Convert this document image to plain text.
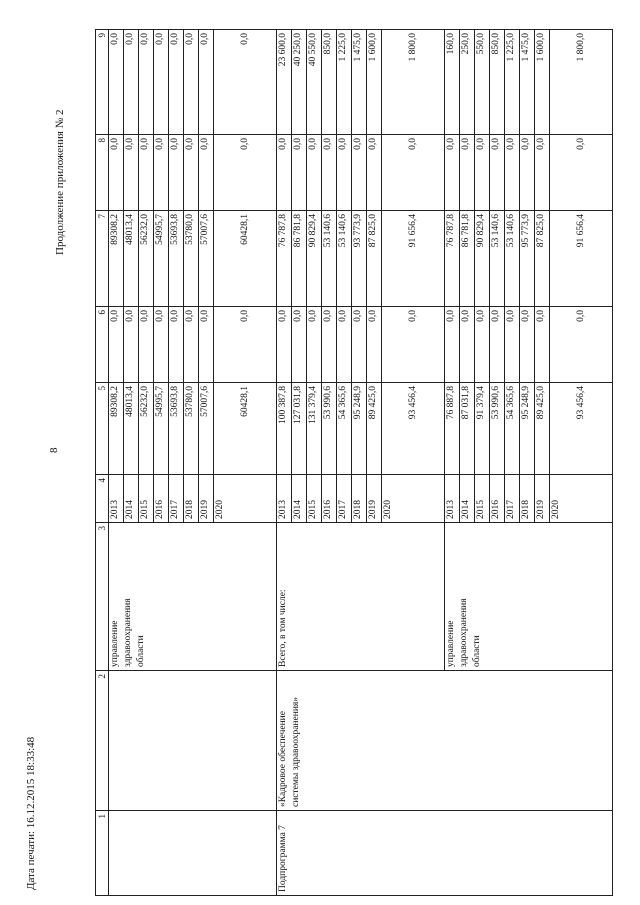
8
Продолжение приложения № 2
Дата печати: 16.12.2015 18:33:48	1	2	3	4	5	6	7	8	9

		управление здравоохранения области	2013	89308,2	0,0	89308,2	0,0	0,0
			2014	48013,4	0,0	48013,4	0,0	0,0
			2015	56232,0	0,0	56232,0	0,0	0,0
			2016	54995,7	0,0	54995,7	0,0	0,0
			2017	53693,8	0,0	53693,8	0,0	0,0
			2018	53780,0	0,0	53780,0	0,0	0,0
			2019	57007,6	0,0	57007,6	0,0	0,0
			2020	60428,1	0,0	60428,1	0,0	0,0
Подпрограмма 7	«Кадровое обеспечение системы здравоохранения»	Всего, в том числе:	2013	100 387,8	0,0	76 787,8	0,0	23 600,0
			2014	127 031,8	0,0	86 781,8	0,0	40 250,0
			2015	131 379,4	0,0	90 829,4	0,0	40 550,0
			2016	53 990,6	0,0	53 140,6	0,0	850,0
			2017	54 365,6	0,0	53 140,6	0,0	1 225,0
			2018	95 248,9	0,0	93 773,9	0,0	1 475,0
			2019	89 425,0	0,0	87 825,0	0,0	1 600,0
			2020	93 456,4	0,0	91 656,4	0,0	1 800,0

		управление здравоохранения области	2013	76 887,8	0,0	76 787,8	0,0	160,0
			2014	87 031,8	0,0	86 781,8	0,0	250,0
			2015	91 379,4	0,0	90 829,4	0,0	550,0
			2016	53 990,6	0,0	53 140,6	0,0	850,0
			2017	54 365,6	0,0	53 140,6	0,0	1 225,0
			2018	95 248,9	0,0	95 773,9	0,0	1 475,0
			2019	89 425,0	0,0	87 825,0	0,0	1 600,0
			2020	93 456,4	0,0	91 656,4	0,0	1 800,0
